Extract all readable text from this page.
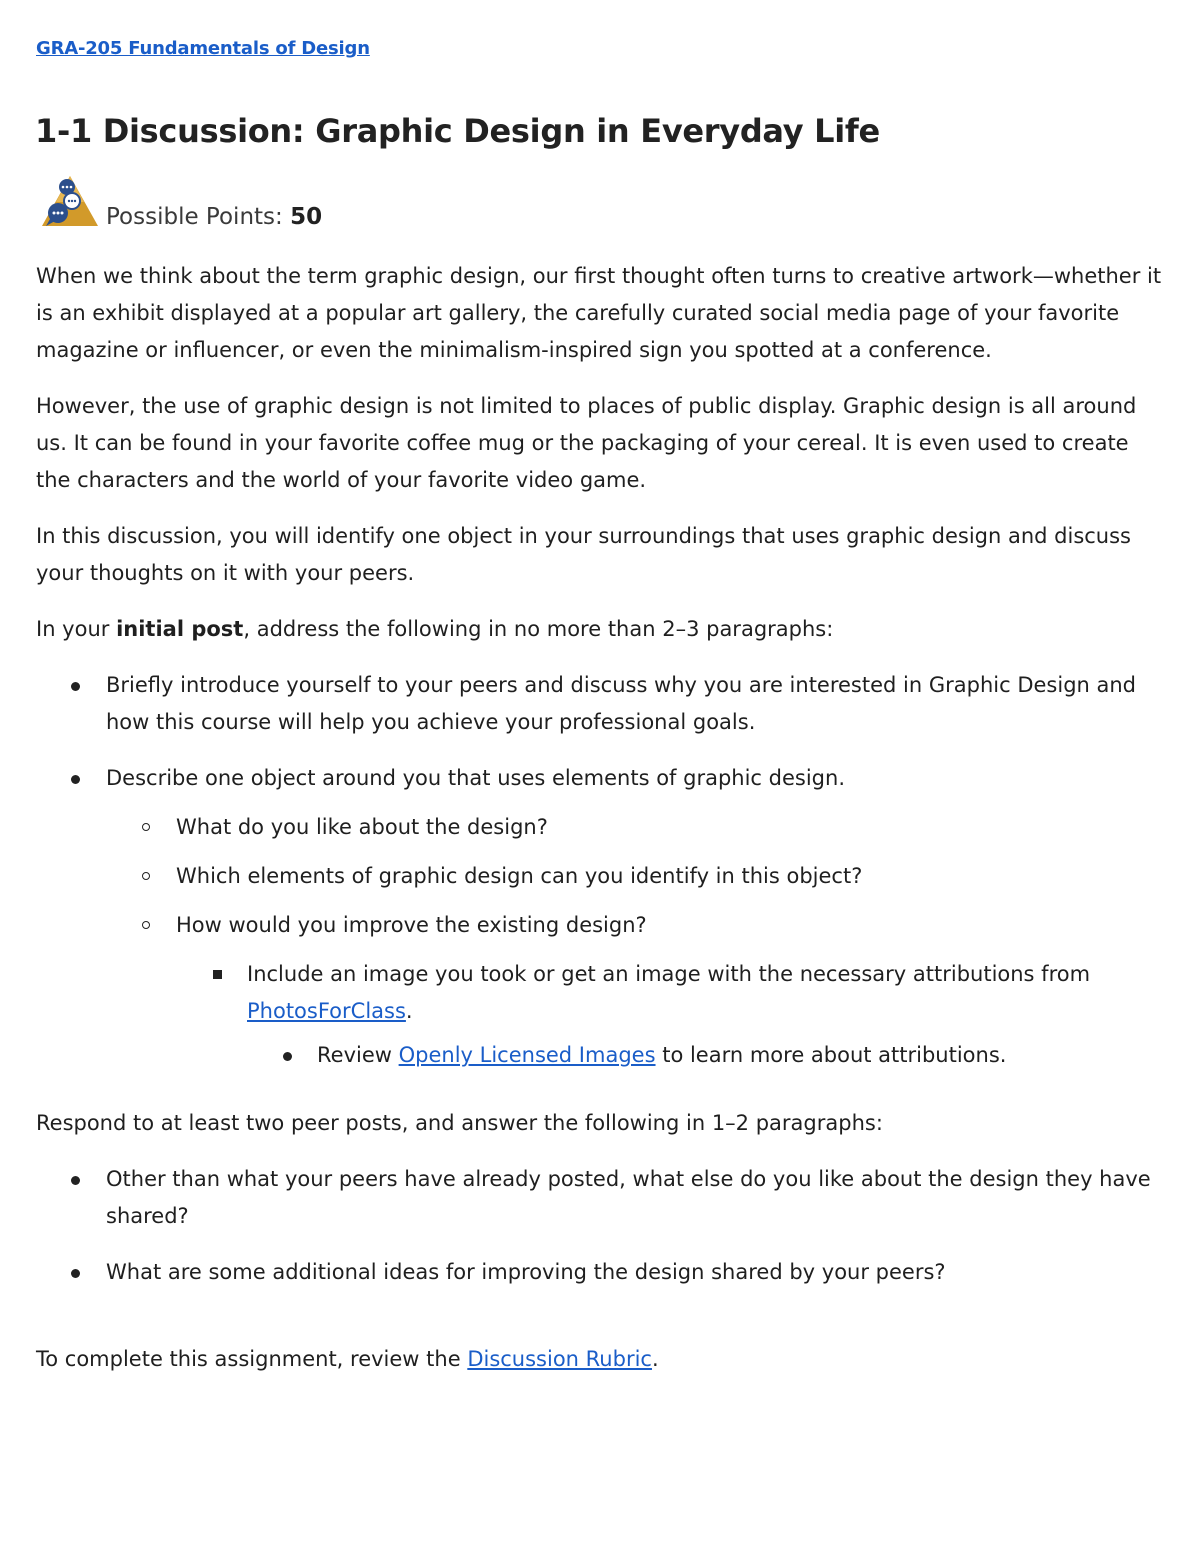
GRA-205 Fundamentals of Design
1-1 Discussion: Graphic Design in Everyday Life
Possible Points: 50

When we think about the term graphic design, our first thought often turns to creative artwork—whether it is an exhibit displayed at a popular art gallery, the carefully curated social media page of your favorite magazine or influencer, or even the minimalism-inspired sign you spotted at a conference.

However, the use of graphic design is not limited to places of public display. Graphic design is all around us. It can be found in your favorite coffee mug or the packaging of your cereal. It is even used to create the characters and the world of your favorite video game.

In this discussion, you will identify one object in your surroundings that uses graphic design and discuss your thoughts on it with your peers.

In your initial post, address the following in no more than 2–3 paragraphs:

Briefly introduce yourself to your peers and discuss why you are interested in Graphic Design and how this course will help you achieve your professional goals.
Describe one object around you that uses elements of graphic design.
What do you like about the design?
Which elements of graphic design can you identify in this object?
How would you improve the existing design?
Include an image you took or get an image with the necessary attributions from PhotosForClass.
Review Openly Licensed Images to learn more about attributions.

Respond to at least two peer posts, and answer the following in 1–2 paragraphs:

Other than what your peers have already posted, what else do you like about the design they have shared?
What are some additional ideas for improving the design shared by your peers?

To complete this assignment, review the Discussion Rubric.
